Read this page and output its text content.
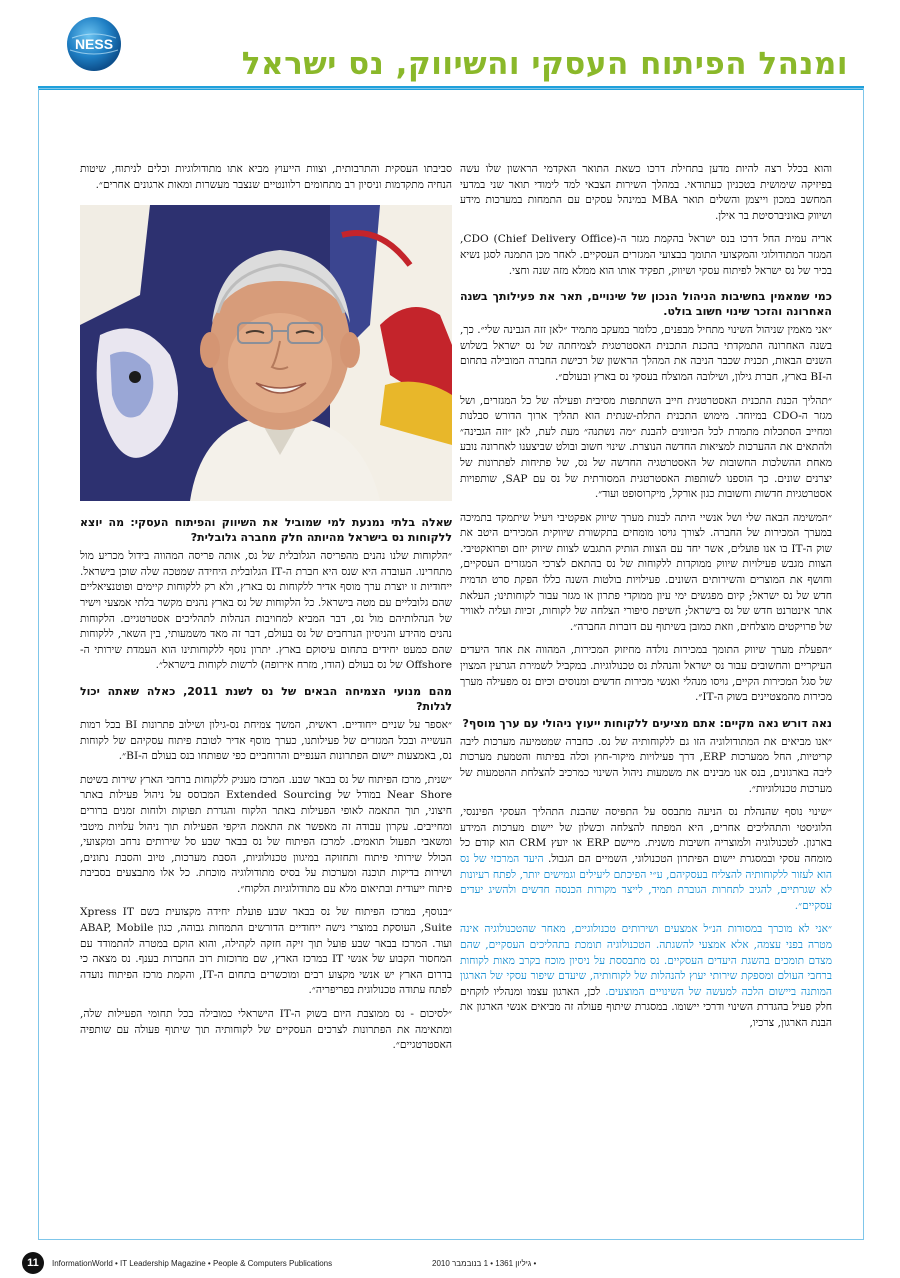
NESS
ומנהל הפיתוח העסקי והשיווק, נס ישראל

והוא בכלל רצה להיות מדען בתחילת דרכו כשאת התואר האקדמי הראשון שלו עשה בפיזיקה שימושית בטכניון כעתודאי. במהלך השירות הצבאי למד לימודי תואר שני במדעי המחשב במכון וייצמן והשלים תואר MBA במינהל עסקים עם התמחות במערכות מידע ושיווק באוניברסיטת בר אילן.

אריה עמית החל דרכו בנס ישראל בהקמת מגזר ה-CDO (Chief Delivery Office), המגזר המתודולוגי והמקצועי התומך בבצועי המגזרים העסקיים. לאחר מכן התמנה לסגן נשיא בכיר של נס ישראל לפיתוח עסקי ושיווק, תפקיד אותו הוא ממלא מזה שנה וחצי.

כמי שמאמין בחשיבות הניהול הנכון של שינויים, תאר את פעילותך בשנה האחרונה והזכר שינוי חשוב בולט.

״אני מאמין שניהול השינוי מתחיל מבפנים, כלומר במעקב מתמיד ״לאן זזה הגבינה שלי״. כך, בשנה האחרונה התמקדתי בהכנת התכנית האסטרטגית לצמיחתה של נס ישראל בשלוש השנים הבאות, תכנית שכבר הניבה את המהלך הראשון של רכישת החברה המובילה בתחום ה-BI בארץ, חברת גילון, ושילובה המוצלח בעסקי נס בארץ ובעולם״.

״תהליך הכנת התכנית האסטרטגית חייב השתתפות מסיבית ופעילה של כל המגזרים, ושל מגזר ה-CDO במיוחד. מימוש התכנית התלת-שנתית הוא תהליך ארוך הדורש סבלנות ומחייב הסתכלות מתמדת לכל הכיוונים להבנת ״מה נשתנה״ מעת לעת, לאן ״זזה הגבינה״ ולהתאים את ההערכות למציאות החדשה הנוצרת. שינוי חשוב ובולט שביצענו לאחרונה נובע מאחת ההשלכות החשובות של האסטרטגיה החדשה של נס, של פתיחות לפתרונות של יצרנים שונים. כך הוספנו לשותפות האסטרטגית המסורתית של נס עם SAP, שותפויות אסטרטגיות חדשות וחשובות כגון אורקל, מיקרוסופט ועוד״.

״המשימה הבאה שלי ושל אנשיי היתה לבנות מערך שיווק אפקטיבי ויעיל שיתמקד בתמיכה במערך המכירות של החברה. לצורך גויסו מומחים בתקשורת שיווקית המכירים היטב את שוק ה-IT בו אנו פועלים, אשר יחד עם הצוות הותיק התגבש לצוות שיווק יוזם ופרואקטיבי. הצוות מגבש פעילויות שיווק ממוקדות ללקוחות של נס בהתאם לצרכי המגזרים העסקיים, וחושף את המוצרים והשירותים השונים. פעילויות בולטות השנה כללו הפקת סרט תדמית חדש של נס ישראל; קיום מפגשים ימי עיון ממוקדי פתרון או מגזר עבור לקוחותינו; העלאת אתר אינטרנט חדש של נס בישראל; חשיפת סיפורי הצלחה של לקוחות, זכיות ועליה לאוויר של פרויקטים מוצלחים, וזאת כמובן בשיתוף עם דוברות החברה״.

״הפעלת מערך שיווק התומך במכירות נולדה מחיזוק המכירות, המהווה את אחד היעדים העיקריים והחשובים עבור נס ישראל והנהלת נס טכנולוגיות. במקביל לשמירת הגרעין המצוין של סגל המכירות הקיים, גויסו מנהלי ואנשי מכירות חדשים ומנוסים וכיום נס מפעילה מערך מכירות מהמצטיינים בשוק ה-IT״.

נאה דורש נאה מקיים: אתם מציעים ללקוחות ייעוץ ניהולי עם ערך מוסף?

״אנו מביאים את המתודולוגיה הזו גם ללקוחותיה של נס. כחברה שמטמיעה מערכות ליבה קריטיות, החל ממערכות ERP, דרך פעילויות מיקור-חוץ וכלה בפיתוח והטמעת מערכות ליבה בארגונים, בנס אנו מבינים את משמעות ניהול השינוי כמרכיב להצלחת ההטמעות של מערכות טכנולוגיות״.

״שינוי נוסף שהנהלת נס הניעה מתבסס על התפיסה שהבנת התהליך העסקי הפיננסי, הלוגיסטי והתהליכים אחרים, היא המפתח להצלחה וכשלון של יישום מערכות המידע בארגון. לטכנולוגיה ולמוצריה חשיבות משנית. מיישם ERP או יועץ CRM הוא קודם כל מומחה עסקי ובמסגרת יישום הפיתרון הטכנולוגי, השמיים הם הגבול. היעד המרכזי של נס הוא לעזור ללקוחותיה להצליח בעסקיהם, ע״י הפיכתם ליעילים וגמישים יותר, לפתח רעיונות לא שגרתיים, להגיב לתחרות הגוברת תמיד, לייצר מקורות הכנסה חדשים ולהשיג יעדים עסקיים״.

״אני לא מוכרך במסורות הנ״ל אמצעים ושירותים טכנולוגיים, מאחר שהטכנולוגיה אינה מטרה בפני עצמה, אלא אמצעי להשגתה. הטכנולוגיה תומכת בתהליכים העסקיים, שהם מצדם תומכים בהשגת היעדים העסקיים. נס מתבססת על ניסיון מוכח בקרב מאות לקוחות ברחבי העולם ומספקת שירותי יעוץ להנהלות של לקוחותיה, שיעדם שיפור עסקי של הארגון המותנה ביישום הלכה למעשה של השינויים המוצעים. לכן, הארגון עצמו ומנהליו לוקחים חלק פעיל בהגדרת השינוי ודרכי יישומו. במסגרת שיתוף פעולה זה מביאים אנשי הארגון את הבנת הארגון, צרכיו,

סביבתו העסקית והתרבותית, וצוות הייעוץ מביא אתו מתודולוגיות וכלים לניתוח, שיטות הנחיה מתקדמות וניסיון רב מתחומים רלוונטיים שנצבר מעשרות ומאות ארגונים אחרים״.

שאלה בלתי נמנעת למי שמוביל את השיווק והפיתוח העסקי: מה יוצא ללקוחות נס בישראל מהיותה חלק מחברה גלובלית?

״הלקוחות שלנו נהנים מהפריסה הגלובלית של נס, אותה פריסה המהווה בידול מכריע מול מתחרינו. העובדה היא שנס היא חברת ה-IT הגלובלית היחידה שמטכה שלה שוכן בישראל. ייחודיות זו יוצרת ערך מוסף אדיר ללקוחות נס בארץ, ולא רק ללקוחות קיימים ופוטנציאליים שהם גלובליים עם מטה בישראל. כל הלקוחות של נס בארץ נהנים מקשר בלתי אמצעי וישיר של הנהלותיהם מול נס, דבר המביא למחויבות הנהלות לתהליכים אסטרטגיים. הלקוחות נהנים מהידע והניסיון הנרחבים של נס בעולם, דבר זה מאד משמעותי, בין השאר, ללקוחות שהם כמעט יחידים בתחום עיסוקם בארץ. יתרון נוסף ללקוחותינו הוא העמדת שירותי ה-Offshore של נס בעולם (הודו, מזרח אירופה) לרשות לקוחות בישראל״.

מהם מנועי הצמיחה הבאים של נס לשנת 2011, כאלה שאתה יכול לגלות?

״אספר על שניים ייחודיים. ראשית, המשך צמיחת נס-גילון ושילוב פתרונות BI בכל רמות העשייה ובכל המגזרים של פעילותנו, כערך מוסף אדיר לטובת פיתוח עסקיהם של לקוחות נס, באמצעות יישום הפתרונות הענפיים והרוחביים כפי שפותחו בנס בעולם ה-BI״.

״שנית, מרכז הפיתוח של נס בבאר שבע. המרכז מעניק ללקוחות ברחבי הארץ שירות בשיטת Near Shore במודל של Extended Sourcing המבוסס על ניהול פעילות באתר חיצוני, תוך התאמה לאופי הפעילות באתר הלקוח והגדרת תפוקות ולוחות זמנים ברורים ומחייבים. עקרון עבודה זה מאפשר את התאמת היקפי הפעילות תוך ניהול עלויות מיטבי ומשאבי תפעול תואמים. למרכז הפיתוח של נס בבאר שבע סל שירותים נרחב ומקצועי, הכולל שירותי פיתוח ותחזוקה במיגוון טכנולוגיות, הסבת מערכות, טיוב והסבת נתונים, ושירות בדיקות תוכנה ומערכות על בסיס מתודולוגיה מוכחת. כל אלו מתבצעים בסביבת פיתוח ייעודית ובתיאום מלא עם מתודולוגיות הלקוח״.

״בנוסף, במרכז הפיתוח של נס בבאר שבע פועלת יחידה מקצועית בשם Xpress IT Suite, העוסקת במוצרי נישה ייחודיים הדורשים התמחות גבוהה, כגון ABAP, Mobile ועוד. המרכז בבאר שבע פועל תוך זיקה חזקה לקהילה, והוא הוקם במטרה להתמודד עם המחסור הקבוע של אנשי IT במרכז הארץ, שם מרוכזות רוב החברות בענף. נס מצאה כי בדרום הארץ יש אנשי מקצוע רבים ומוכשרים בתחום ה-IT, והקמת מרכז הפיתוח נועדה לפתח עתודה טכנולוגית בפריפריה״.

״לסיכום - נס ממוצבת היום בשוק ה-IT הישראלי כמובילה בכל תחומי הפעילות שלה, ומתאימה את הפתרונות לצרכים העסקיים של לקוחותיה תוך שיתוף פעולה עם שותפיה האסטרטגיים״.

11	InformationWorld • IT Leadership Magazine • People & Computers Publications	• גיליון 1361 • 1 בנובמבר 2010
